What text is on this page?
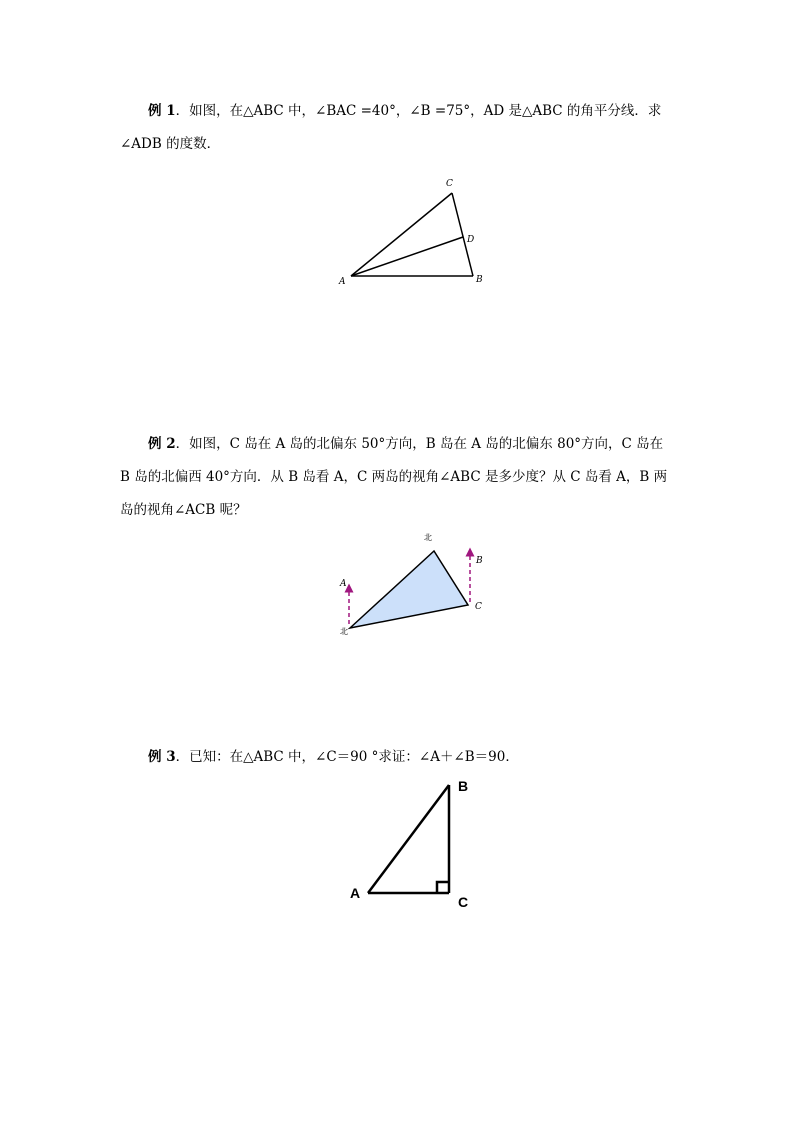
例 1．如图，在△ABC 中，∠BAC =40°，∠B =75°，AD 是△ABC 的角平分线．求∠ADB 的度数．

A	B
C
D

例 2．如图，C 岛在 A 岛的北偏东 50°方向，B 岛在 A 岛的北偏东 80°方向，C 岛在 B 岛的北偏西 40°方向．从 B 岛看 A，C 两岛的视角∠ABC 是多少度？从 C 岛看 A，B 两岛的视角∠ACB 呢？

北
北
A
B
C

例 3．已知：在△ABC 中，∠C＝90 °求证：∠A＋∠B＝90．

A
B
C
